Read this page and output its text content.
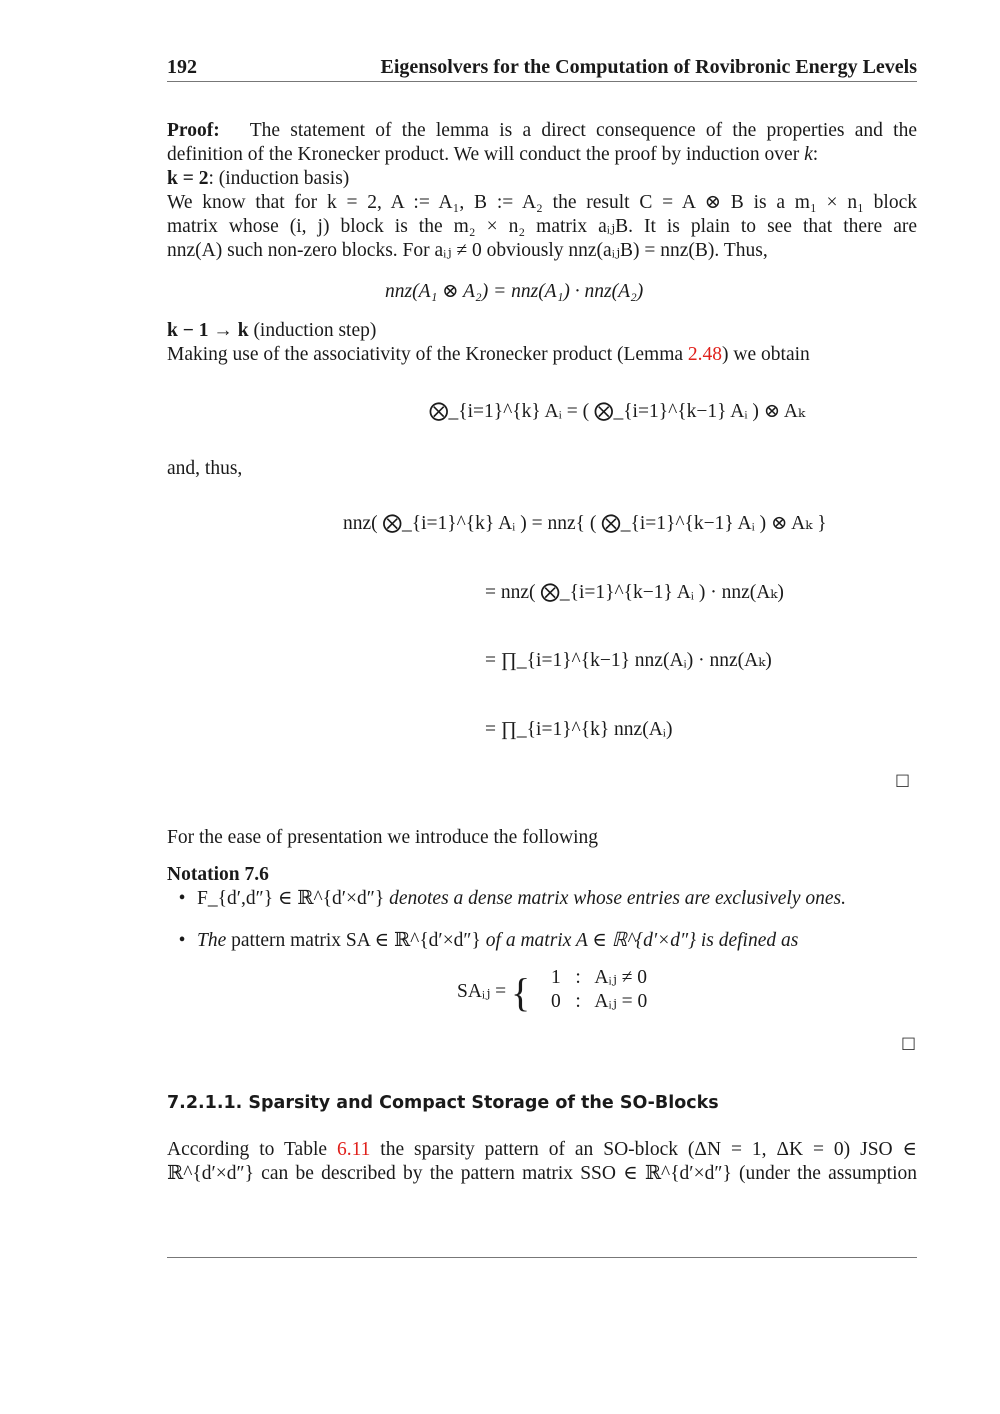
192	Eigensolvers for the Computation of Rovibronic Energy Levels
Proof: The statement of the lemma is a direct consequence of the properties and the
definition of the Kronecker product. We will conduct the proof by induction over k:
k = 2: (induction basis)
We know that for k = 2, A := A₁, B := A₂ the result C = A ⊗ B is a m₁ × n₁ block
matrix whose (i, j) block is the m₂ × n₂ matrix aᵢⱼB. It is plain to see that there are
nnz(A) such non-zero blocks. For aᵢⱼ ≠ 0 obviously nnz(aᵢⱼB) = nnz(B). Thus,
nnz(A₁ ⊗ A₂) = nnz(A₁) · nnz(A₂)
k − 1 → k (induction step)
Making use of the associativity of the Kronecker product (Lemma 2.48) we obtain
⨂_{i=1}^{k} Aᵢ = ( ⨂_{i=1}^{k−1} Aᵢ ) ⊗ Aₖ
and, thus,
nnz( ⨂_{i=1}^{k} Aᵢ ) = nnz{ ( ⨂_{i=1}^{k−1} Aᵢ ) ⊗ Aₖ }
= nnz( ⨂_{i=1}^{k−1} Aᵢ ) · nnz(Aₖ)
= ∏_{i=1}^{k−1} nnz(Aᵢ) · nnz(Aₖ)
= ∏_{i=1}^{k} nnz(Aᵢ)
□
For the ease of presentation we introduce the following
Notation 7.6
• F_{d′,d″} ∈ ℝ^{d′×d″} denotes a dense matrix whose entries are exclusively ones.
• The pattern matrix SA ∈ ℝ^{d′×d″} of a matrix A ∈ ℝ^{d′×d″} is defined as
SAᵢⱼ = { 1 : Aᵢⱼ ≠ 0
0 : Aᵢⱼ = 0
□
7.2.1.1. Sparsity and Compact Storage of the SO-Blocks
According to Table 6.11 the sparsity pattern of an SO-block (ΔN = 1, ΔK = 0) JSO ∈
ℝ^{d′×d″} can be described by the pattern matrix SSO ∈ ℝ^{d′×d″} (under the assumption
